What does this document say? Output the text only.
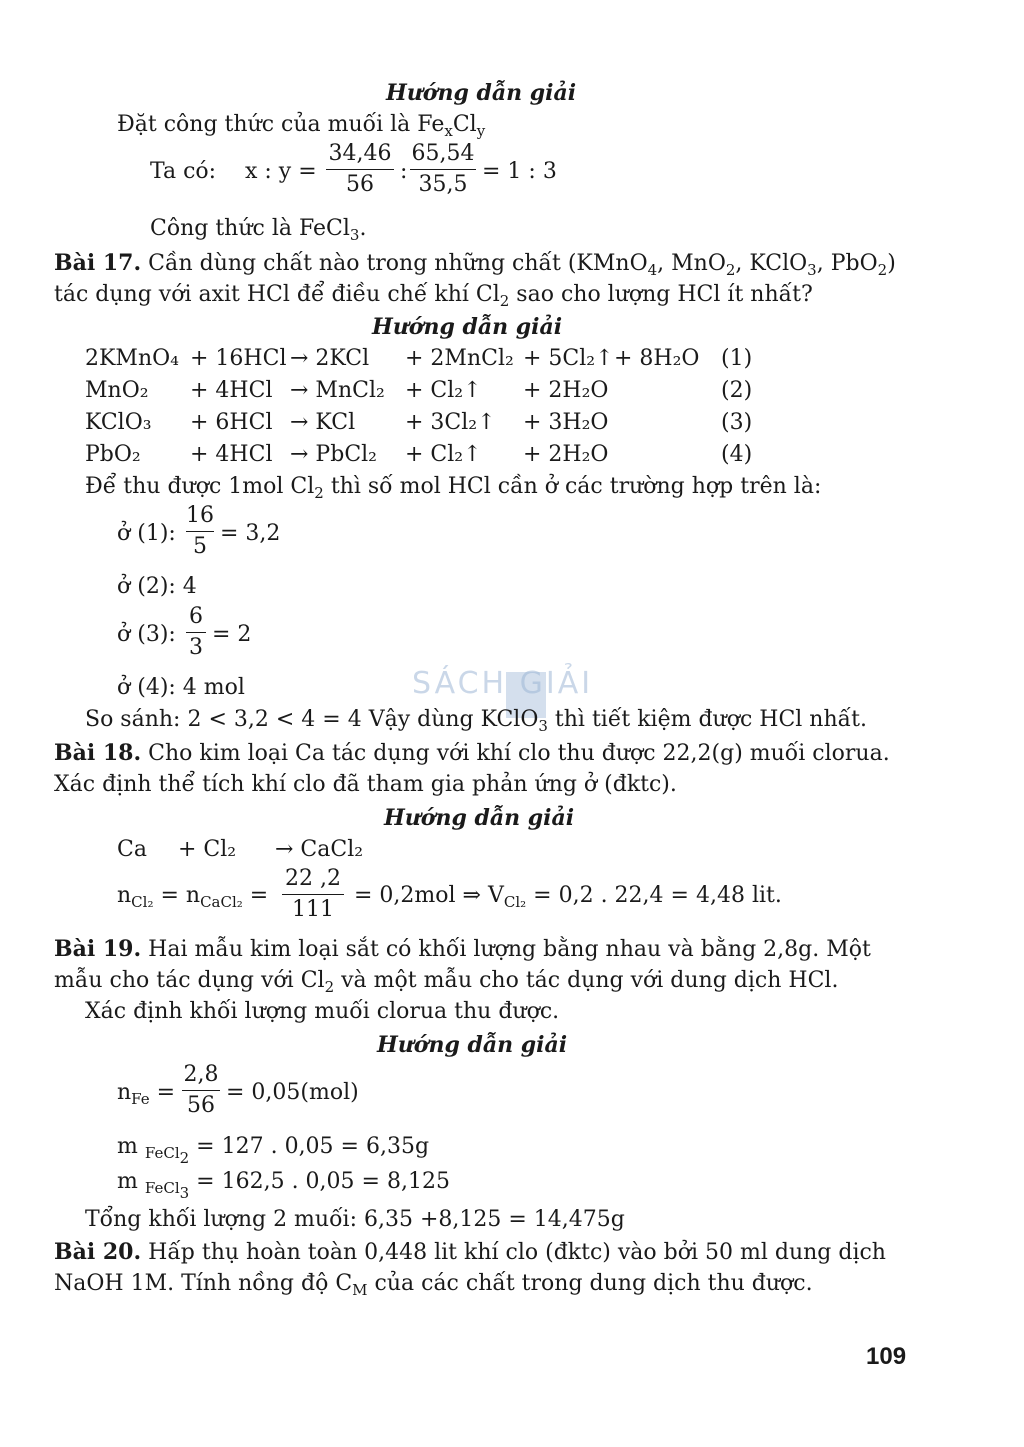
Hướng dẫn giải
Đặt công thức của muối là $Fe_xCl_y$
Ta có: x : y =
34,46
56
:
65,54
35,5
= 1 : 3
Công thức là FeCl$_3$.
Bài 17. Cần dùng chất nào trong những chất (KMnO$_4$, MnO$_2$, KClO$_3$, PbO$_2$)
tác dụng với axit HCl để điều chế khí $Cl_2$ sao cho lượng HCl ít nhất?
Hướng dẫn giải
2KMnO₄ + 16HCl → 2KCl + 2MnCl₂ + 5Cl₂↑ + 8H₂O (1)
MnO₂ + 4HCl → MnCl₂ + Cl₂↑ + 2H₂O	(2)
KClO₃ + 6HCl → KCl + 3Cl₂↑ + 3H₂O	(3)
PbO₂ + 4HCl → PbCl₂ + Cl₂↑ + 2H₂O	(4)
Để thu được 1mol $Cl_2$ thì số mol HCl cần ở các trường hợp trên là:
ở (1):
16
5
= 3,2
ở (2): 4
ở (3):
6
3
= 2
ở (4): 4 mol	SÁCH GIẢI
So sánh: 2 < 3,2 < 4 = 4 Vậy dùng KClO$_3$ thì tiết kiệm được HCl nhất.
Bài 18. Cho kim loại Ca tác dụng với khí clo thu được 22,2(g) muối clorua.
Xác định thể tích khí clo đã tham gia phản ứng ở (đktc).
Hướng dẫn giải
Ca + Cl₂ → CaCl₂
$n_{Cl_2} = n_{CaCl_2}$ =
22 ,2
111
= 0,2mol ⇒ $V_{Cl_2} = 0,2$ . 22,4 = 4,48 lit.
Bài 19. Hai mẫu kim loại sắt có khối lượng bằng nhau và bằng 2,8g. Một
mẫu cho tác dụng với $Cl_2$ và một mẫu cho tác dụng với dung dịch HCl.
Xác định khối lượng muối clorua thu được.
Hướng dẫn giải
$n_{Fe}$ =
2,8
56
= 0,05(mol)
m $_{FeCl_2}$ = 127 . 0,05 = 6,35g
m $_{FeCl_3}$ = 162,5 . 0,05 = 8,125
Tổng khối lượng 2 muối: 6,35 +8,125 = 14,475g
Bài 20. Hấp thụ hoàn toàn 0,448 lit khí clo (đktc) vào bởi 50 ml dung dịch
NaOH 1M. Tính nồng độ $C_M$ của các chất trong dung dịch thu được.
109
